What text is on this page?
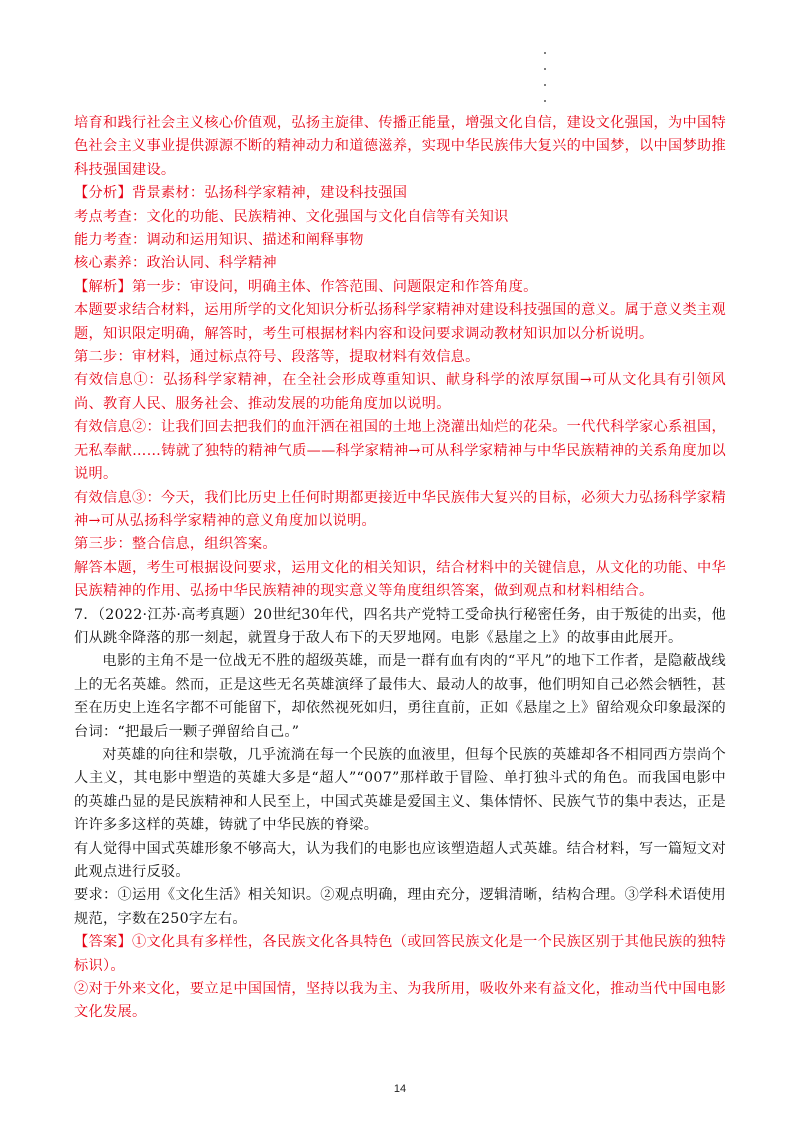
培育和践行社会主义核心价值观，弘扬主旋律、传播正能量，增强文化自信，建设文化强国，为中国特色社会主义事业提供源源不断的精神动力和道德滋养，实现中华民族伟大复兴的中国梦，以中国梦助推科技强国建设。

【分析】背景素材：弘扬科学家精神，建设科技强国

考点考查：文化的功能、民族精神、文化强国与文化自信等有关知识

能力考查：调动和运用知识、描述和阐释事物

核心素养：政治认同、科学精神

【解析】第一步：审设问，明确主体、作答范围、问题限定和作答角度。

本题要求结合材料，运用所学的文化知识分析弘扬科学家精神对建设科技强国的意义。属于意义类主观题，知识限定明确，解答时，考生可根据材料内容和设问要求调动教材知识加以分析说明。

第二步：审材料，通过标点符号、段落等，提取材料有效信息。

有效信息①：弘扬科学家精神，在全社会形成尊重知识、献身科学的浓厚氛围→可从文化具有引领风尚、教育人民、服务社会、推动发展的功能角度加以说明。

有效信息②：让我们回去把我们的血汗洒在祖国的土地上浇灌出灿烂的花朵。一代代科学家心系祖国，无私奉献……铸就了独特的精神气质——科学家精神→可从科学家精神与中华民族精神的关系角度加以说明。

有效信息③：今天，我们比历史上任何时期都更接近中华民族伟大复兴的目标，必须大力弘扬科学家精神→可从弘扬科学家精神的意义角度加以说明。

第三步：整合信息，组织答案。

解答本题，考生可根据设问要求，运用文化的相关知识，结合材料中的关键信息，从文化的功能、中华民族精神的作用、弘扬中华民族精神的现实意义等角度组织答案，做到观点和材料相结合。

7．（2022·江苏·高考真题）20世纪30年代，四名共产党特工受命执行秘密任务，由于叛徒的出卖，他们从跳伞降落的那一刻起，就置身于敌人布下的天罗地网。电影《悬崖之上》的故事由此展开。

电影的主角不是一位战无不胜的超级英雄，而是一群有血有肉的“平凡”的地下工作者，是隐蔽战线上的无名英雄。然而，正是这些无名英雄演绎了最伟大、最动人的故事，他们明知自己必然会牺牲，甚至在历史上连名字都不可能留下，却依然视死如归，勇往直前，正如《悬崖之上》留给观众印象最深的台词：“把最后一颗子弹留给自己。”

对英雄的向往和崇敬，几乎流淌在每一个民族的血液里，但每个民族的英雄却各不相同西方崇尚个人主义，其电影中塑造的英雄大多是“超人”“007”那样敢于冒险、单打独斗式的角色。而我国电影中的英雄凸显的是民族精神和人民至上，中国式英雄是爱国主义、集体情怀、民族气节的集中表达，正是许许多多这样的英雄，铸就了中华民族的脊梁。

有人觉得中国式英雄形象不够高大，认为我们的电影也应该塑造超人式英雄。结合材料，写一篇短文对此观点进行反驳。

要求：①运用《文化生活》相关知识。②观点明确，理由充分，逻辑清晰，结构合理。③学科术语使用规范，字数在250字左右。

【答案】①文化具有多样性，各民族文化各具特色（或回答民族文化是一个民族区别于其他民族的独特标识）。

②对于外来文化，要立足中国国情，坚持以我为主、为我所用，吸收外来有益文化，推动当代中国电影文化发展。

14
